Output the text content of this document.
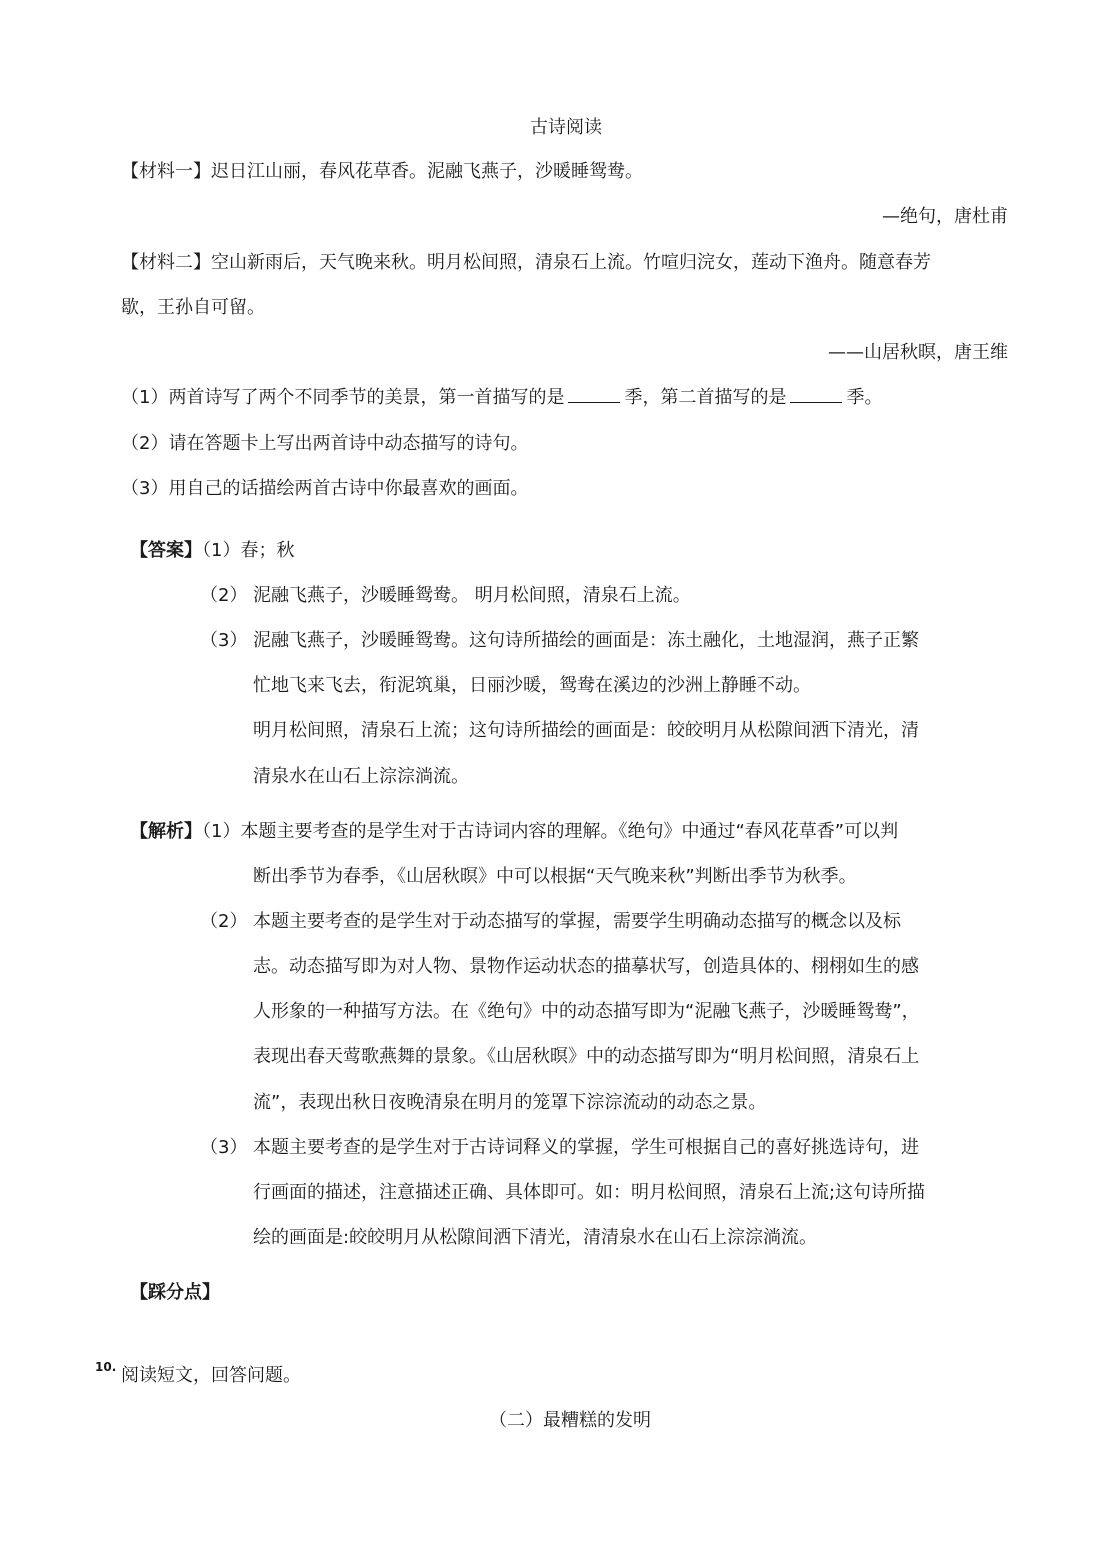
古诗阅读
【材料一】迟日江山丽，春风花草香。泥融飞燕子，沙暖睡鸳鸯。
—绝句，唐杜甫
【材料二】空山新雨后，天气晚来秋。明月松间照，清泉石上流。竹喧归浣女，莲动下渔舟。随意春芳
歇，王孙自可留。
——山居秋暝，唐王维
（1）两首诗写了两个不同季节的美景，第一首描写的是	季，第二首描写的是	季。
（2）请在答题卡上写出两首诗中动态描写的诗句。
（3）用自己的话描绘两首古诗中你最喜欢的画面。
【答案】（1）春；秋
（2） 泥融飞燕子，沙暖睡鸳鸯。 明月松间照，清泉石上流。
（3） 泥融飞燕子，沙暖睡鸳鸯。这句诗所描绘的画面是：冻土融化，土地湿润，燕子正繁
忙地飞来飞去，衔泥筑巢，日丽沙暖，鸳鸯在溪边的沙洲上静睡不动。
明月松间照，清泉石上流；这句诗所描绘的画面是：皎皎明月从松隙间洒下清光，清
清泉水在山石上淙淙淌流。
【解析】（1）本题主要考查的是学生对于古诗词内容的理解。《绝句》中通过“春风花草香”可以判
断出季节为春季，《山居秋暝》中可以根据“天气晚来秋”判断出季节为秋季。
（2） 本题主要考查的是学生对于动态描写的掌握，需要学生明确动态描写的概念以及标
志。动态描写即为对人物、景物作运动状态的描摹状写，创造具体的、栩栩如生的感
人形象的一种描写方法。在《绝句》中的动态描写即为“泥融飞燕子，沙暖睡鸳鸯”，
表现出春天莺歌燕舞的景象。《山居秋暝》中的动态描写即为“明月松间照，清泉石上
流”，表现出秋日夜晚清泉在明月的笼罩下淙淙流动的动态之景。
（3） 本题主要考查的是学生对于古诗词释义的掌握，学生可根据自己的喜好挑选诗句，进
行画面的描述，注意描述正确、具体即可。如：明月松间照，清泉石上流;这句诗所描
绘的画面是:皎皎明月从松隙间洒下清光，清清泉水在山石上淙淙淌流。
【踩分点】
10. 阅读短文，回答问题。
（二）最糟糕的发明
